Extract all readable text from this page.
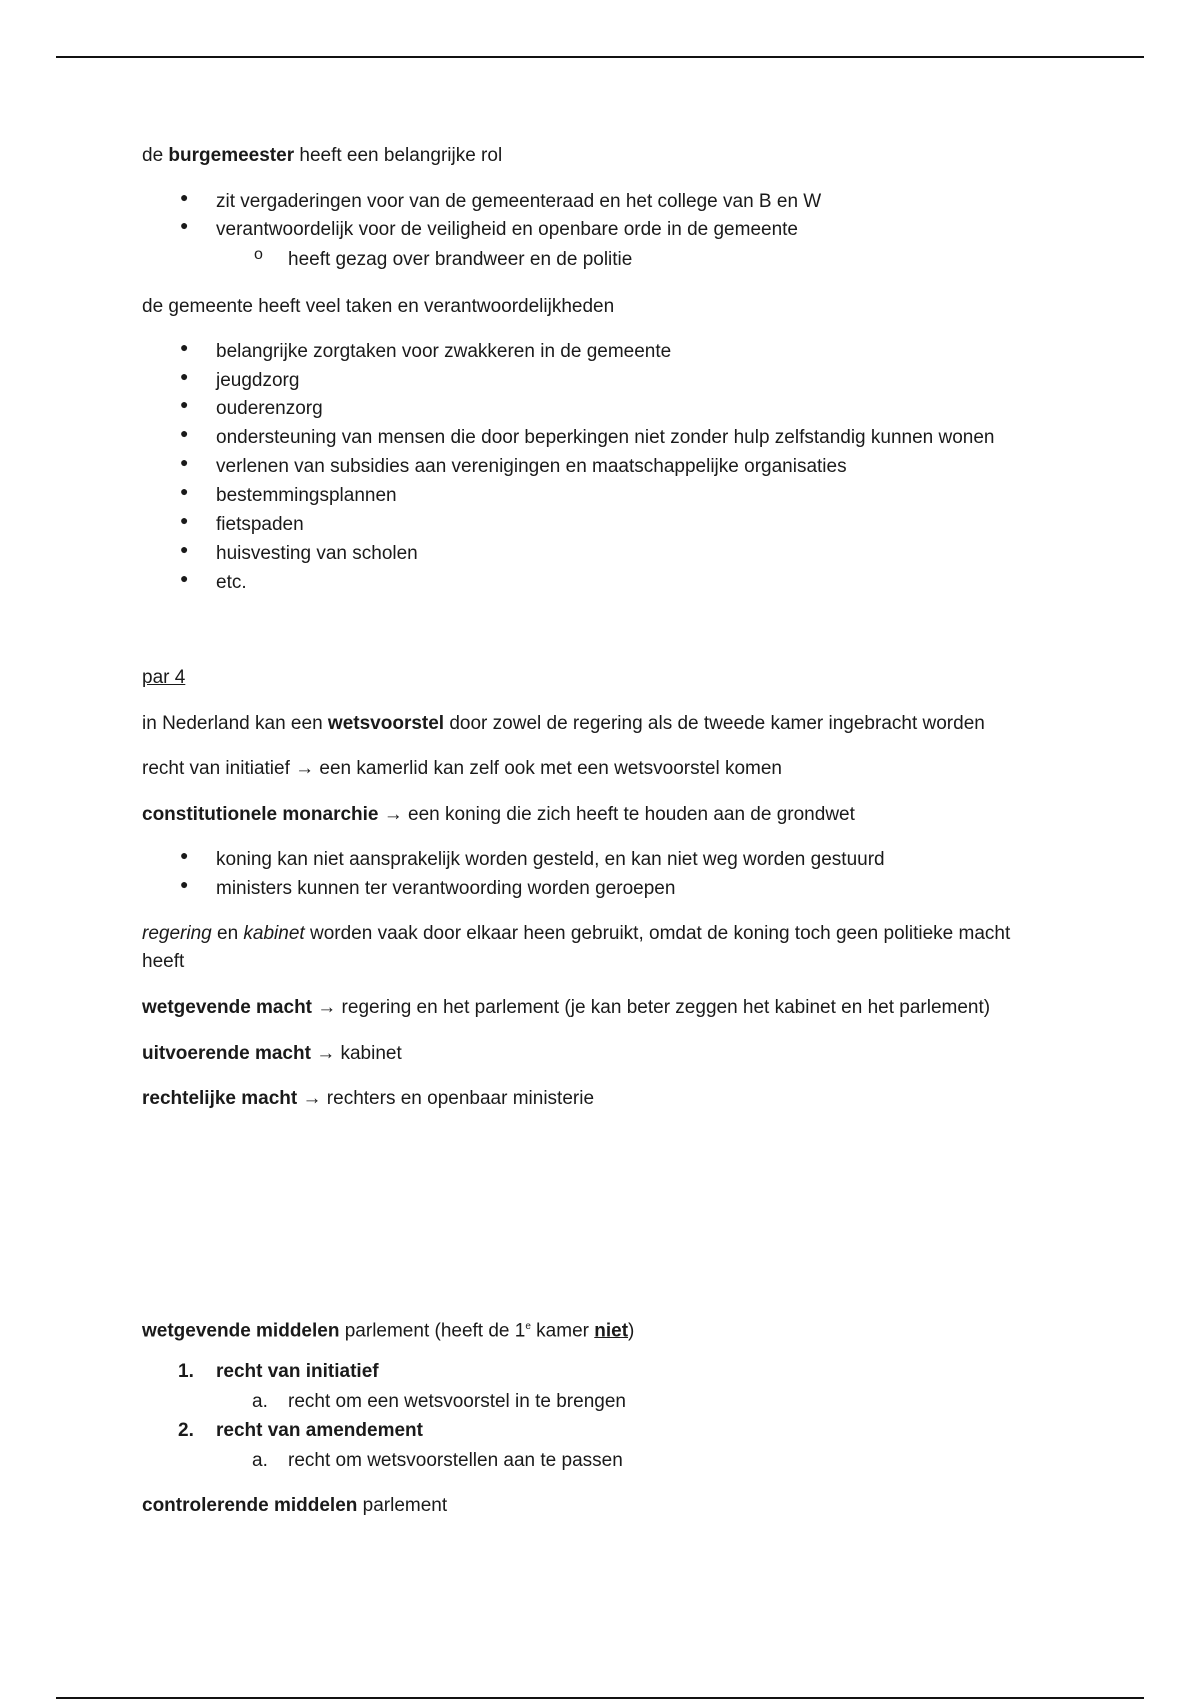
de burgemeester heeft een belangrijke rol
● zit vergaderingen voor van de gemeenteraad en het college van B en W
● verantwoordelijk voor de veiligheid en openbare orde in de gemeente
o heeft gezag over brandweer en de politie
de gemeente heeft veel taken en verantwoordelijkheden
● belangrijke zorgtaken voor zwakkeren in de gemeente
● jeugdzorg
● ouderenzorg
● ondersteuning van mensen die door beperkingen niet zonder hulp zelfstandig kunnen wonen
● verlenen van subsidies aan verenigingen en maatschappelijke organisaties
● bestemmingsplannen
● fietspaden
● huisvesting van scholen
● etc.
par 4
in Nederland kan een wetsvoorstel door zowel de regering als de tweede kamer ingebracht worden
recht van initiatief → een kamerlid kan zelf ook met een wetsvoorstel komen
constitutionele monarchie → een koning die zich heeft te houden aan de grondwet
● koning kan niet aansprakelijk worden gesteld, en kan niet weg worden gestuurd
● ministers kunnen ter verantwoording worden geroepen
regering en kabinet worden vaak door elkaar heen gebruikt, omdat de koning toch geen politieke macht heeft
wetgevende macht → regering en het parlement (je kan beter zeggen het kabinet en het parlement)
uitvoerende macht → kabinet
rechtelijke macht → rechters en openbaar ministerie
wetgevende middelen parlement (heeft de 1e kamer niet)
1. recht van initiatief
a. recht om een wetsvoorstel in te brengen
2. recht van amendement
a. recht om wetsvoorstellen aan te passen
controlerende middelen parlement
